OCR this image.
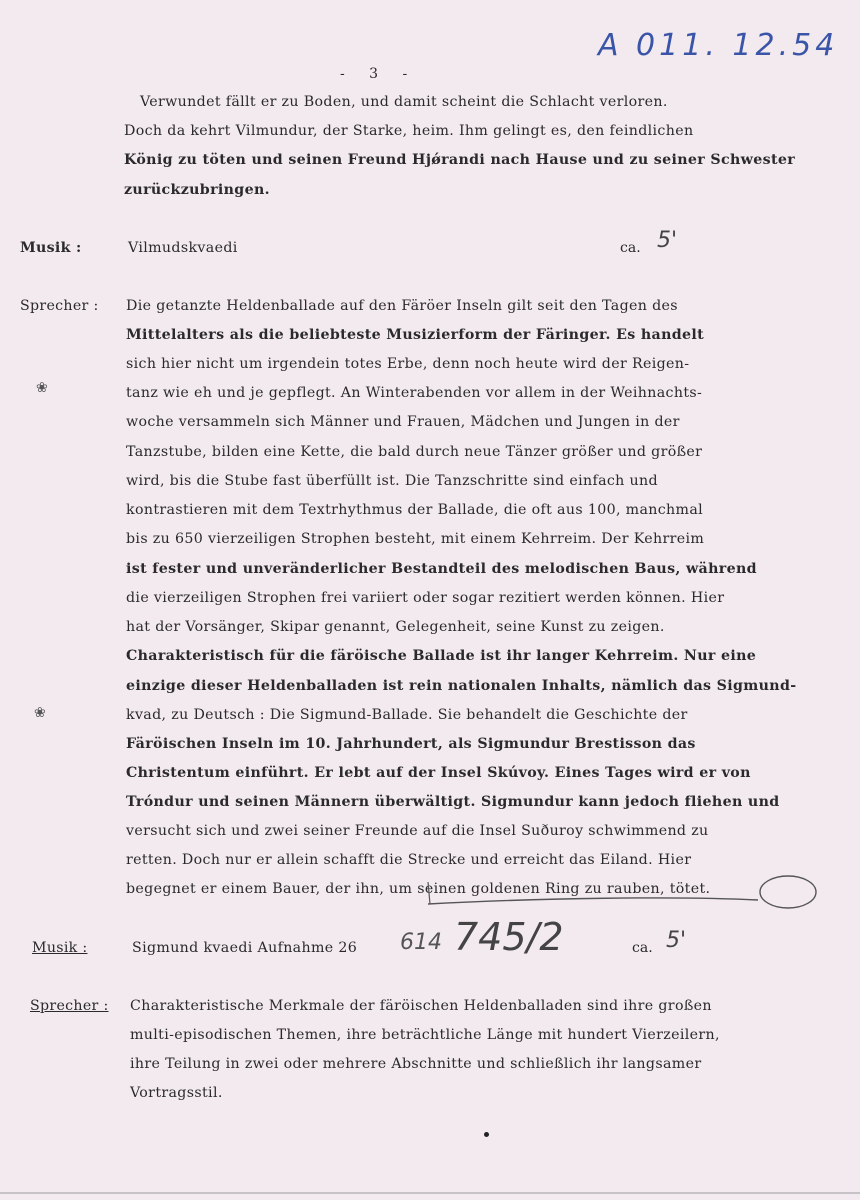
A 011. 12.54
- 3 -
Verwundet fällt er zu Boden, und damit scheint die Schlacht verloren.
Doch da kehrt Vilmundur, der Starke, heim. Ihm gelingt es, den feindlichen
König zu töten und seinen Freund Hjǿrandi nach Hause und zu seiner Schwester
zurückzubringen.
Musik :	Vilmudskvaedi	ca. 5'
Sprecher : Die getanzte Heldenballade auf den Färöer Inseln gilt seit den Tagen des
Mittelalters als die beliebteste Musizierform der Färinger. Es handelt
sich hier nicht um irgendein totes Erbe, denn noch heute wird der Reigen-
tanz wie eh und je gepflegt. An Winterabenden vor allem in der Weihnachts-
woche versammeln sich Männer und Frauen, Mädchen und Jungen in der
Tanzstube, bilden eine Kette, die bald durch neue Tänzer größer und größer
wird, bis die Stube fast überfüllt ist. Die Tanzschritte sind einfach und
kontrastieren mit dem Textrhythmus der Ballade, die oft aus 100, manchmal
bis zu 650 vierzeiligen Strophen besteht, mit einem Kehrreim. Der Kehrreim
ist fester und unveränderlicher Bestandteil des melodischen Baus, während
die vierzeiligen Strophen frei variiert oder sogar rezitiert werden können. Hier
hat der Vorsänger, Skipar genannt, Gelegenheit, seine Kunst zu zeigen.
Charakteristisch für die färöische Ballade ist ihr langer Kehrreim. Nur eine
einzige dieser Heldenballaden ist rein nationalen Inhalts, nämlich das Sigmund-
kvad, zu Deutsch : Die Sigmund-Ballade. Sie behandelt die Geschichte der
Färöischen Inseln im 10. Jahrhundert, als Sigmundur Brestisson das
Christentum einführt. Er lebt auf der Insel Skúvoy. Eines Tages wird er von
Tróndur und seinen Männern überwältigt. Sigmundur kann jedoch fliehen und
versucht sich und zwei seiner Freunde auf die Insel Suðuroy schwimmend zu
retten. Doch nur er allein schafft die Strecke und erreicht das Eiland. Hier
begegnet er einem Bauer, der ihn, um seinen goldenen Ring zu rauben, tötet.
Musik :	Sigmund kvaedi Aufnahme 26 614 745/2	ca. 5'
Sprecher : Charakteristische Merkmale der färöischen Heldenballaden sind ihre großen
multi-episodischen Themen, ihre beträchtliche Länge mit hundert Vierzeilern,
ihre Teilung in zwei oder mehrere Abschnitte und schließlich ihr langsamer
Vortragsstil.
❀
❀
